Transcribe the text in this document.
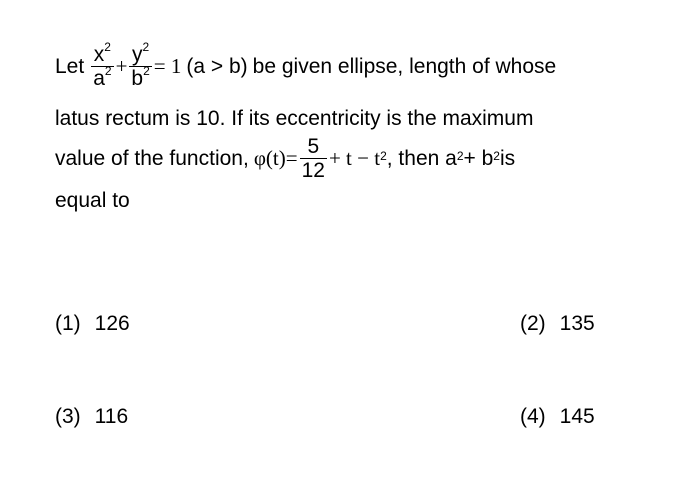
Let $\frac{x^2}{a^2} + \frac{y^2}{b^2} = 1$ (a > b) be given ellipse, length of whose
latus rectum is 10. If its eccentricity is the maximum
value of the function, $\varphi(t) = \frac{5}{12} + t - t^2$ , then $a^2 + b^2$ is
equal to
(1) 126	(2) 135
(3) 116	(4) 145
